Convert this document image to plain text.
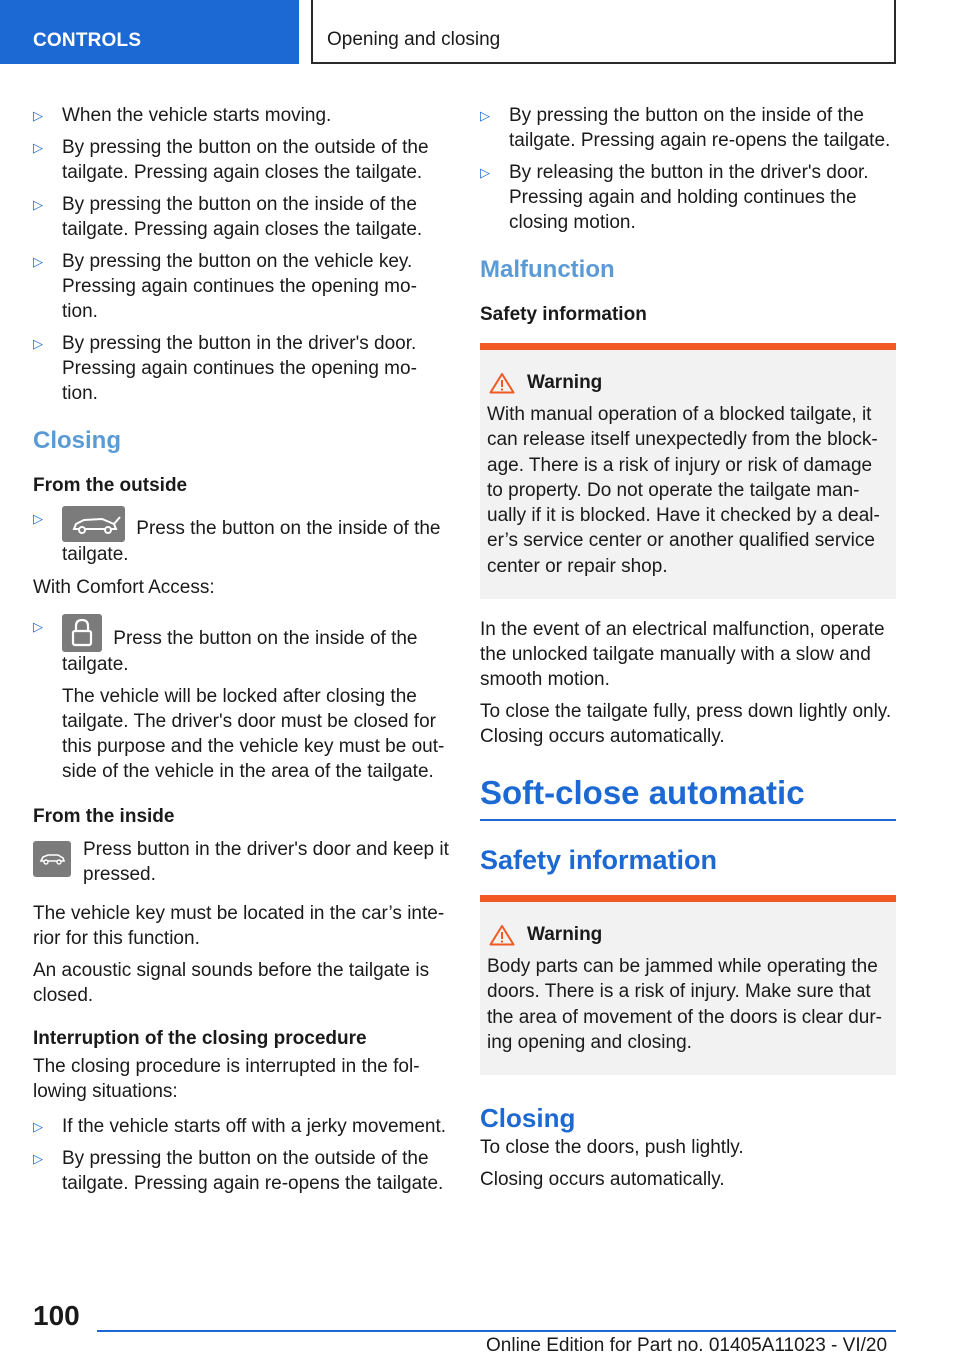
CONTROLS	Opening and closing
▷ When the vehicle starts moving.
▷ By pressing the button on the outside of the tailgate. Pressing again closes the tailgate.
▷ By pressing the button on the inside of the tailgate. Pressing again closes the tailgate.
▷ By pressing the button on the vehicle key. Pressing again continues the opening mo-tion.
▷ By pressing the button in the driver's door. Pressing again continues the opening mo-tion.
Closing
From the outside
▷	Press the button on the inside of the tailgate.
With Comfort Access:
▷
Press the button on the inside of the tailgate.
The vehicle will be locked after closing the tailgate. The driver's door must be closed for this purpose and the vehicle key must be out-side of the vehicle in the area of the tailgate.
From the inside
Press button in the driver's door and keep it pressed.
The vehicle key must be located in the car’s inte-rior for this function.
An acoustic signal sounds before the tailgate is closed.
Interruption of the closing procedure
The closing procedure is interrupted in the fol-lowing situations:
▷ If the vehicle starts off with a jerky movement.
▷ By pressing the button on the outside of the tailgate. Pressing again re-opens the tailgate.
▷ By pressing the button on the inside of the tailgate. Pressing again re-opens the tailgate.
▷ By releasing the button in the driver's door. Pressing again and holding continues the closing motion.
Malfunction
Safety information
Warning
With manual operation of a blocked tailgate, it can release itself unexpectedly from the block-age. There is a risk of injury or risk of damage to property. Do not operate the tailgate man-ually if it is blocked. Have it checked by a deal-er’s service center or another qualified service center or repair shop.
In the event of an electrical malfunction, operate the unlocked tailgate manually with a slow and smooth motion.
To close the tailgate fully, press down lightly only. Closing occurs automatically.
Soft-close automatic
Safety information
Warning
Body parts can be jammed while operating the doors. There is a risk of injury. Make sure that the area of movement of the doors is clear dur-ing opening and closing.
Closing
To close the doors, push lightly.
Closing occurs automatically.
100
Online Edition for Part no. 01405A11023 - VI/20
